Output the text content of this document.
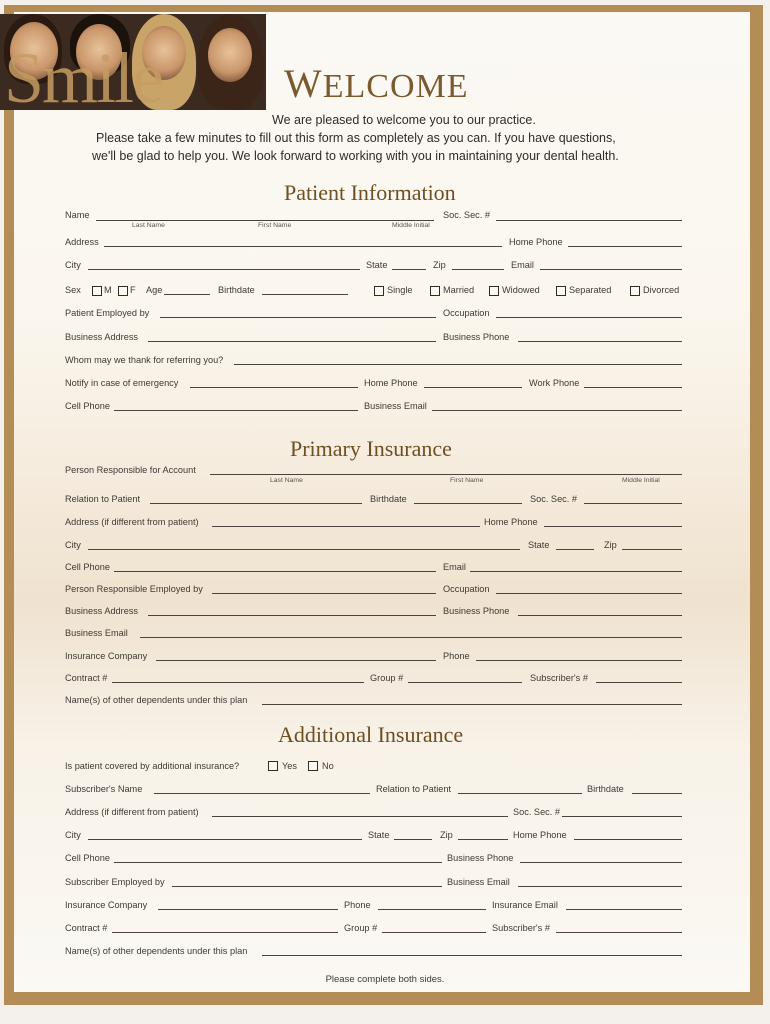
Smile	WELCOME
We are pleased to welcome you to our practice.
Please take a few minutes to fill out this form as completely as you can. If you have questions,
we'll be glad to help you. We look forward to working with you in maintaining your dental health.
Patient Information
Name
Last Name	First Name	Middle Initial
Soc. Sec. #
Address	Home Phone
City	State	Zip	Email
Sex	M F Age	Birthdate	Single	Married	Widowed	Separated	Divorced
Patient Employed by	Occupation
Business Address	Business Phone
Whom may we thank for referring you?
Notify in case of emergency	Home Phone	Work Phone
Cell Phone	Business Email
Primary Insurance
Person Responsible for Account
Last Name	First Name	Middle Initial
Relation to Patient	Birthdate	Soc. Sec. #
Address (if different from patient)	Home Phone
City	State	Zip
Cell Phone	Email
Person Responsible Employed by	Occupation
Business Address	Business Phone
Business Email
Insurance Company	Phone
Contract #	Group #	Subscriber's #
Name(s) of other dependents under this plan
Additional Insurance
Is patient covered by additional insurance?	Yes	No
Subscriber's Name	Relation to Patient	Birthdate
Address (if different from patient)	Soc. Sec. #
City	State	Zip	Home Phone
Cell Phone	Business Phone
Subscriber Employed by	Business Email
Insurance Company	Phone	Insurance Email
Contract #	Group #	Subscriber's #
Name(s) of other dependents under this plan
Please complete both sides.
